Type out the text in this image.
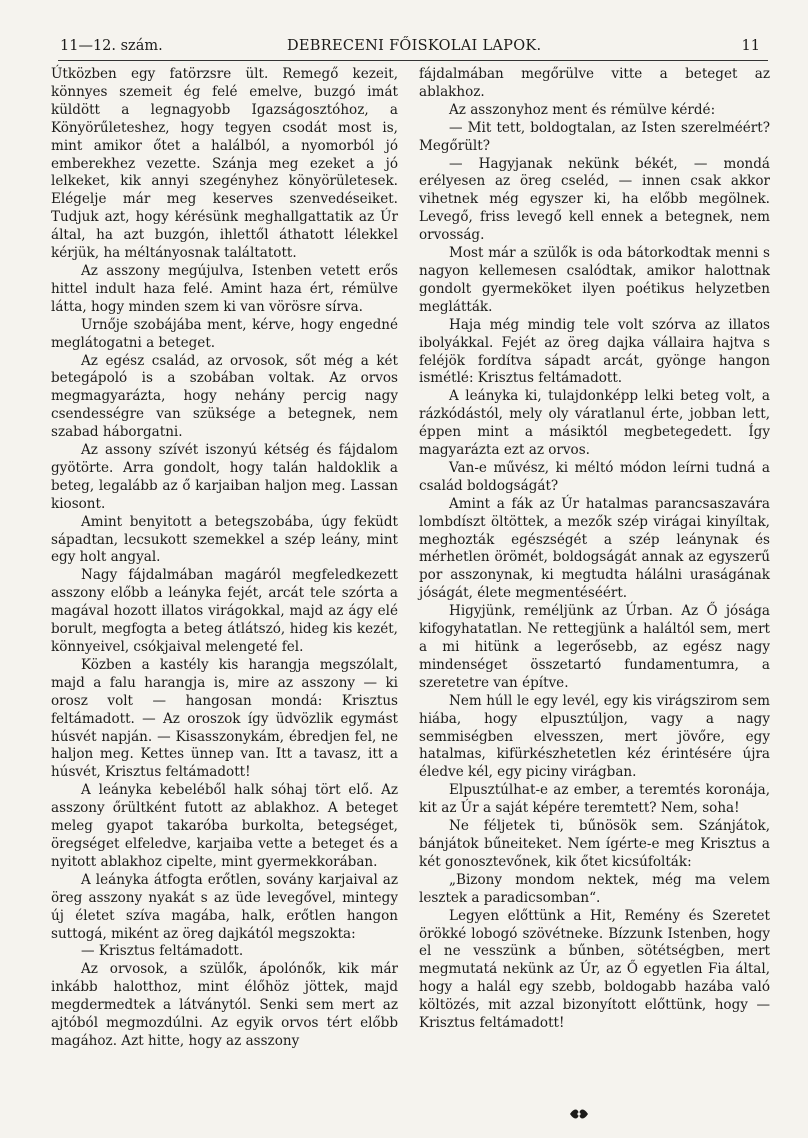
11—12. szám.	DEBRECENI FŐISKOLAI LAPOK.	11

Útközben egy fatörzsre ült. Remegő kezeit, könnyes szemeit ég felé emelve, buzgó imát küldött a legnagyobb Igazságosztóhoz, a Könyörűleteshez, hogy tegyen csodát most is, mint amikor őtet a halálból, a nyomorból jó emberekhez vezette. Szánja meg ezeket a jó lelkeket, kik annyi szegényhez könyörületesek. Elégelje már meg keserves szenvedéseiket. Tudjuk azt, hogy kérésünk meghallgattatik az Úr által, ha azt buzgón, ihlettől áthatott lélekkel kérjük, ha méltányosnak találtatott.

Az asszony megújulva, Istenben vetett erős hittel indult haza felé. Amint haza ért, rémülve látta, hogy minden szem ki van vörösre sírva.

Urnője szobájába ment, kérve, hogy engedné meglátogatni a beteget.

Az egész család, az orvosok, sőt még a két betegápoló is a szobában voltak. Az orvos megmagyarázta, hogy nehány percig nagy csendességre van szüksége a betegnek, nem szabad háborgatni.

Az assony szívét iszonyú kétség és fájdalom gyötörte. Arra gondolt, hogy talán haldoklik a beteg, legalább az ő karjaiban haljon meg. Lassan kiosont.

Amint benyitott a betegszobába, úgy feküdt sápadtan, lecsukott szemekkel a szép leány, mint egy holt angyal.

Nagy fájdalmában magáról megfeledkezett asszony előbb a leányka fejét, arcát tele szórta a magával hozott illatos virágokkal, majd az ágy elé borult, megfogta a beteg átlátszó, hideg kis kezét, könnyeivel, csókjaival melengeté fel.

Közben a kastély kis harangja megszólalt, majd a falu harangja is, mire az asszony — ki orosz volt — hangosan mondá: Krisztus feltámadott. — Az oroszok így üdvözlik egymást húsvét napján. — Kisasszonykám, ébredjen fel, ne haljon meg. Kettes ünnep van. Itt a tavasz, itt a húsvét, Krisztus feltámadott!

A leányka kebeléből halk sóhaj tört elő. Az asszony őrültként futott az ablakhoz. A beteget meleg gyapot takaróba burkolta, betegséget, öregséget elfeledve, karjaiba vette a beteget és a nyitott ablakhoz cipelte, mint gyermekkorában.

A leányka átfogta erőtlen, sovány karjaival az öreg asszony nyakát s az üde levegővel, mintegy új életet szíva magába, halk, erőtlen hangon suttogá, miként az öreg dajkától megszokta:

— Krisztus feltámadott.

Az orvosok, a szülők, ápolónők, kik már inkább halotthoz, mint élőhöz jöttek, majd megdermedtek a látványtól. Senki sem mert az ajtóból megmozdúlni. Az egyik orvos tért előbb magához. Azt hitte, hogy az asszony

fájdalmában megőrülve vitte a beteget az ablakhoz.

Az asszonyhoz ment és rémülve kérdé:

— Mit tett, boldogtalan, az Isten szerelméért? Megőrült?

— Hagyjanak nekünk békét, — mondá erélyesen az öreg cseléd, — innen csak akkor vihetnek még egyszer ki, ha előbb megölnek. Levegő, friss levegő kell ennek a betegnek, nem orvosság.

Most már a szülők is oda bátorkodtak menni s nagyon kellemesen csalódtak, amikor halottnak gondolt gyermeköket ilyen poétikus helyzetben meglátták.

Haja még mindig tele volt szórva az illatos ibolyákkal. Fejét az öreg dajka vállaira hajtva s feléjök fordítva sápadt arcát, gyönge hangon ismétlé: Krisztus feltámadott.

A leányka ki, tulajdonképp lelki beteg volt, a rázkódástól, mely oly váratlanul érte, jobban lett, éppen mint a másiktól megbetegedett. Így magyarázta ezt az orvos.

Van-e művész, ki méltó módon leírni tudná a család boldogságát?

Amint a fák az Úr hatalmas parancsaszavára lombdíszt öltöttek, a mezők szép virágai kinyíltak, meghozták egészségét a szép leánynak és mérhetlen örömét, boldogságát annak az egyszerű por asszonynak, ki megtudta hálálni uraságának jóságát, élete megmentéséért.

Higyjünk, reméljünk az Úrban. Az Ő jósága kifogyhatatlan. Ne rettegjünk a haláltól sem, mert a mi hitünk a legerősebb, az egész nagy mindenséget összetartó fundamentumra, a szeretetre van építve.

Nem húll le egy levél, egy kis virágszirom sem hiába, hogy elpusztúljon, vagy a nagy semmiségben elvesszen, mert jövőre, egy hatalmas, kifürkészhetetlen kéz érintésére újra éledve kél, egy piciny virágban.

Elpusztúlhat-e az ember, a teremtés koronája, kit az Úr a saját képére teremtett? Nem, soha!

Ne féljetek ti, bűnösök sem. Szánjátok, bánjátok bűneiteket. Nem ígérte-e meg Krisztus a két gonosztevőnek, kik őtet kicsúfolták:

„Bizony mondom nektek, még ma velem lesztek a paradicsomban“.

Legyen előttünk a Hit, Remény és Szeretet örökké lobogó szövétneke. Bízzunk Istenben, hogy el ne vesszünk a bűnben, sötétségben, mert megmutatá nekünk az Úr, az Ő egyetlen Fia által, hogy a halál egy szebb, boldogabb hazába való költözés, mit azzal bizonyított előttünk, hogy — Krisztus feltámadott!
